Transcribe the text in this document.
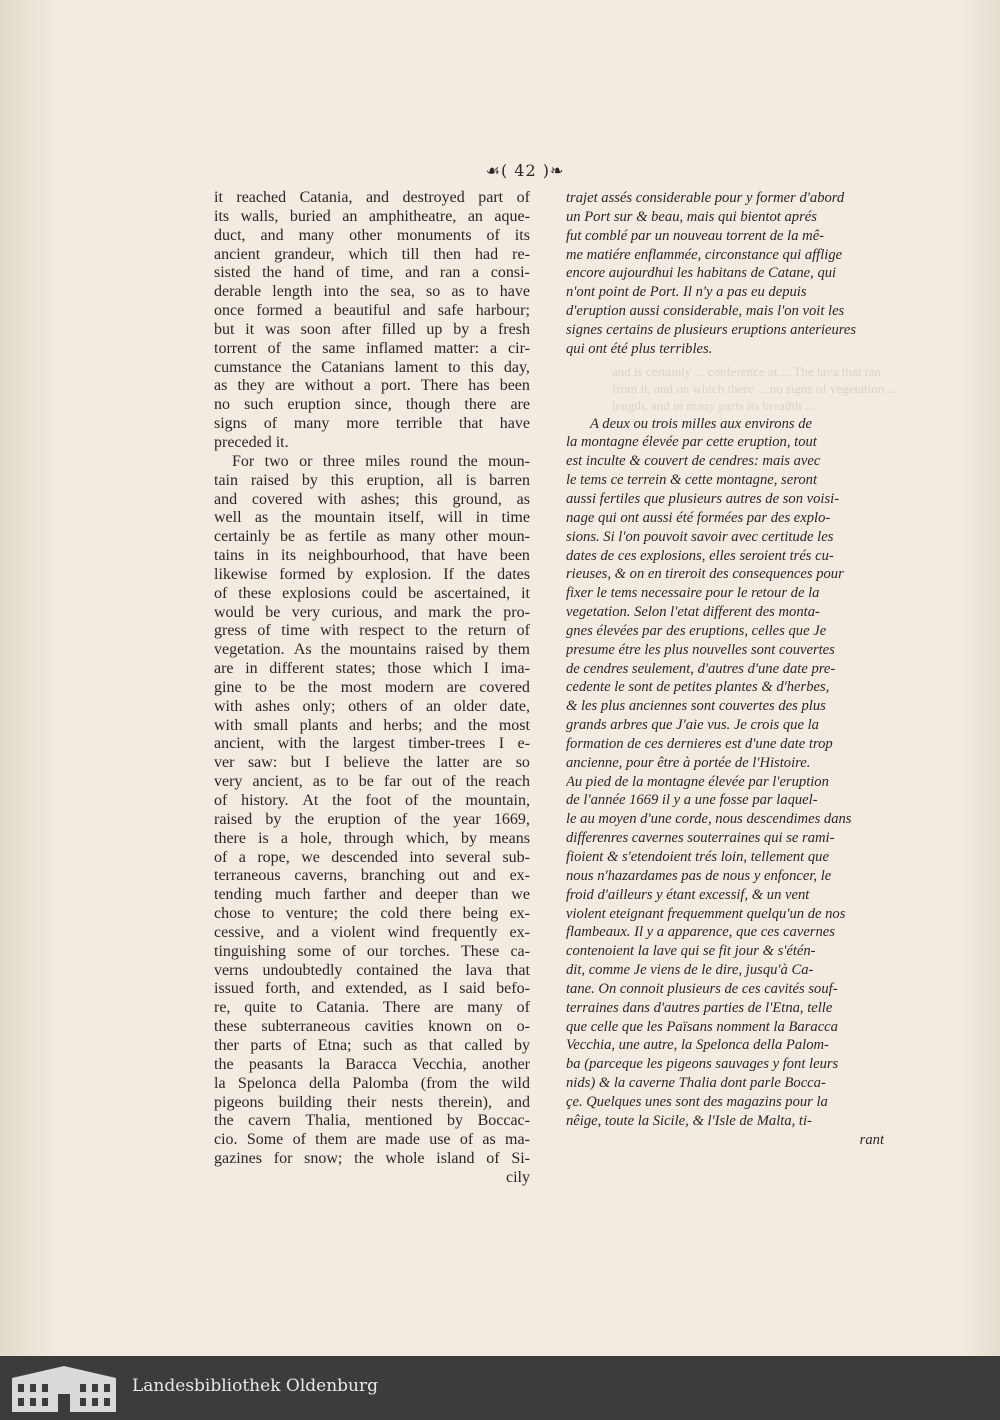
☙( 42 )❧
and is certainly ... conference at ... The lava that ran
from it, and on which there ... no signs of vegetation ...
length, and in many parts its breadth ...
it reached Catania, and destroyed part of
its walls, buried an amphitheatre, an aque-
duct, and many other monuments of its
ancient grandeur, which till then had re-
sisted the hand of time, and ran a consi-
derable length into the sea, so as to have
once formed a beautiful and safe harbour;
but it was soon after filled up by a fresh
torrent of the same inflamed matter: a cir-
cumstance the Catanians lament to this day,
as they are without a port. There has been
no such eruption since, though there are
signs of many more terrible that have
preceded it.
For two or three miles round the moun-
tain raised by this eruption, all is barren
and covered with ashes; this ground, as
well as the mountain itself, will in time
certainly be as fertile as many other moun-
tains in its neighbourhood, that have been
likewise formed by explosion. If the dates
of these explosions could be ascertained, it
would be very curious, and mark the pro-
gress of time with respect to the return of
vegetation. As the mountains raised by them
are in different states; those which I ima-
gine to be the most modern are covered
with ashes only; others of an older date,
with small plants and herbs; and the most
ancient, with the largest timber-trees I e-
ver saw: but I believe the latter are so
very ancient, as to be far out of the reach
of history. At the foot of the mountain,
raised by the eruption of the year 1669,
there is a hole, through which, by means
of a rope, we descended into several sub-
terraneous caverns, branching out and ex-
tending much farther and deeper than we
chose to venture; the cold there being ex-
cessive, and a violent wind frequently ex-
tinguishing some of our torches. These ca-
verns undoubtedly contained the lava that
issued forth, and extended, as I said befo-
re, quite to Catania. There are many of
these subterraneous cavities known on o-
ther parts of Etna; such as that called by
the peasants la Baracca Vecchia, another
la Spelonca della Palomba (from the wild
pigeons building their nests therein), and
the cavern Thalia, mentioned by Boccac-
cio. Some of them are made use of as ma-
gazines for snow; the whole island of Si-
cily
trajet assés considerable pour y former d'abord
un Port sur & beau, mais qui bientot aprés
fut comblé par un nouveau torrent de la mê-
me matiére enflammée, circonstance qui afflige
encore aujourdhui les habitans de Catane, qui
n'ont point de Port. Il n'y a pas eu depuis
d'eruption aussi considerable, mais l'on voit les
signes certains de plusieurs eruptions anterieures
qui ont été plus terribles.
A deux ou trois milles aux environs de
la montagne élevée par cette eruption, tout
est inculte & couvert de cendres: mais avec
le tems ce terrein & cette montagne, seront
aussi fertiles que plusieurs autres de son voisi-
nage qui ont aussi été formées par des explo-
sions. Si l'on pouvoit savoir avec certitude les
dates de ces explosions, elles seroient trés cu-
rieuses, & on en tireroit des consequences pour
fixer le tems necessaire pour le retour de la
vegetation. Selon l'etat different des monta-
gnes élevées par des eruptions, celles que Je
presume étre les plus nouvelles sont couvertes
de cendres seulement, d'autres d'une date pre-
cedente le sont de petites plantes & d'herbes,
& les plus anciennes sont couvertes des plus
grands arbres que J'aie vus. Je crois que la
formation de ces dernieres est d'une date trop
ancienne, pour être à portée de l'Histoire.
Au pied de la montagne élevée par l'eruption
de l'année 1669 il y a une fosse par laquel-
le au moyen d'une corde, nous descendimes dans
differenres cavernes souterraines qui se rami-
fioient & s'etendoient trés loin, tellement que
nous n'hazardames pas de nous y enfoncer, le
froid d'ailleurs y étant excessif, & un vent
violent eteignant frequemment quelqu'un de nos
flambeaux. Il y a apparence, que ces cavernes
contenoient la lave qui se fit jour & s'étén-
dit, comme Je viens de le dire, jusqu'à Ca-
tane. On connoit plusieurs de ces cavités souf-
terraines dans d'autres parties de l'Etna, telle
que celle que les Païsans nomment la Baracca
Vecchia, une autre, la Spelonca della Palom-
ba (parceque les pigeons sauvages y font leurs
nids) & la caverne Thalia dont parle Bocca-
çe. Quelques unes sont des magazins pour la
nêige, toute la Sicile, & l'Isle de Malta, ti-
rant
Landesbibliothek Oldenburg
